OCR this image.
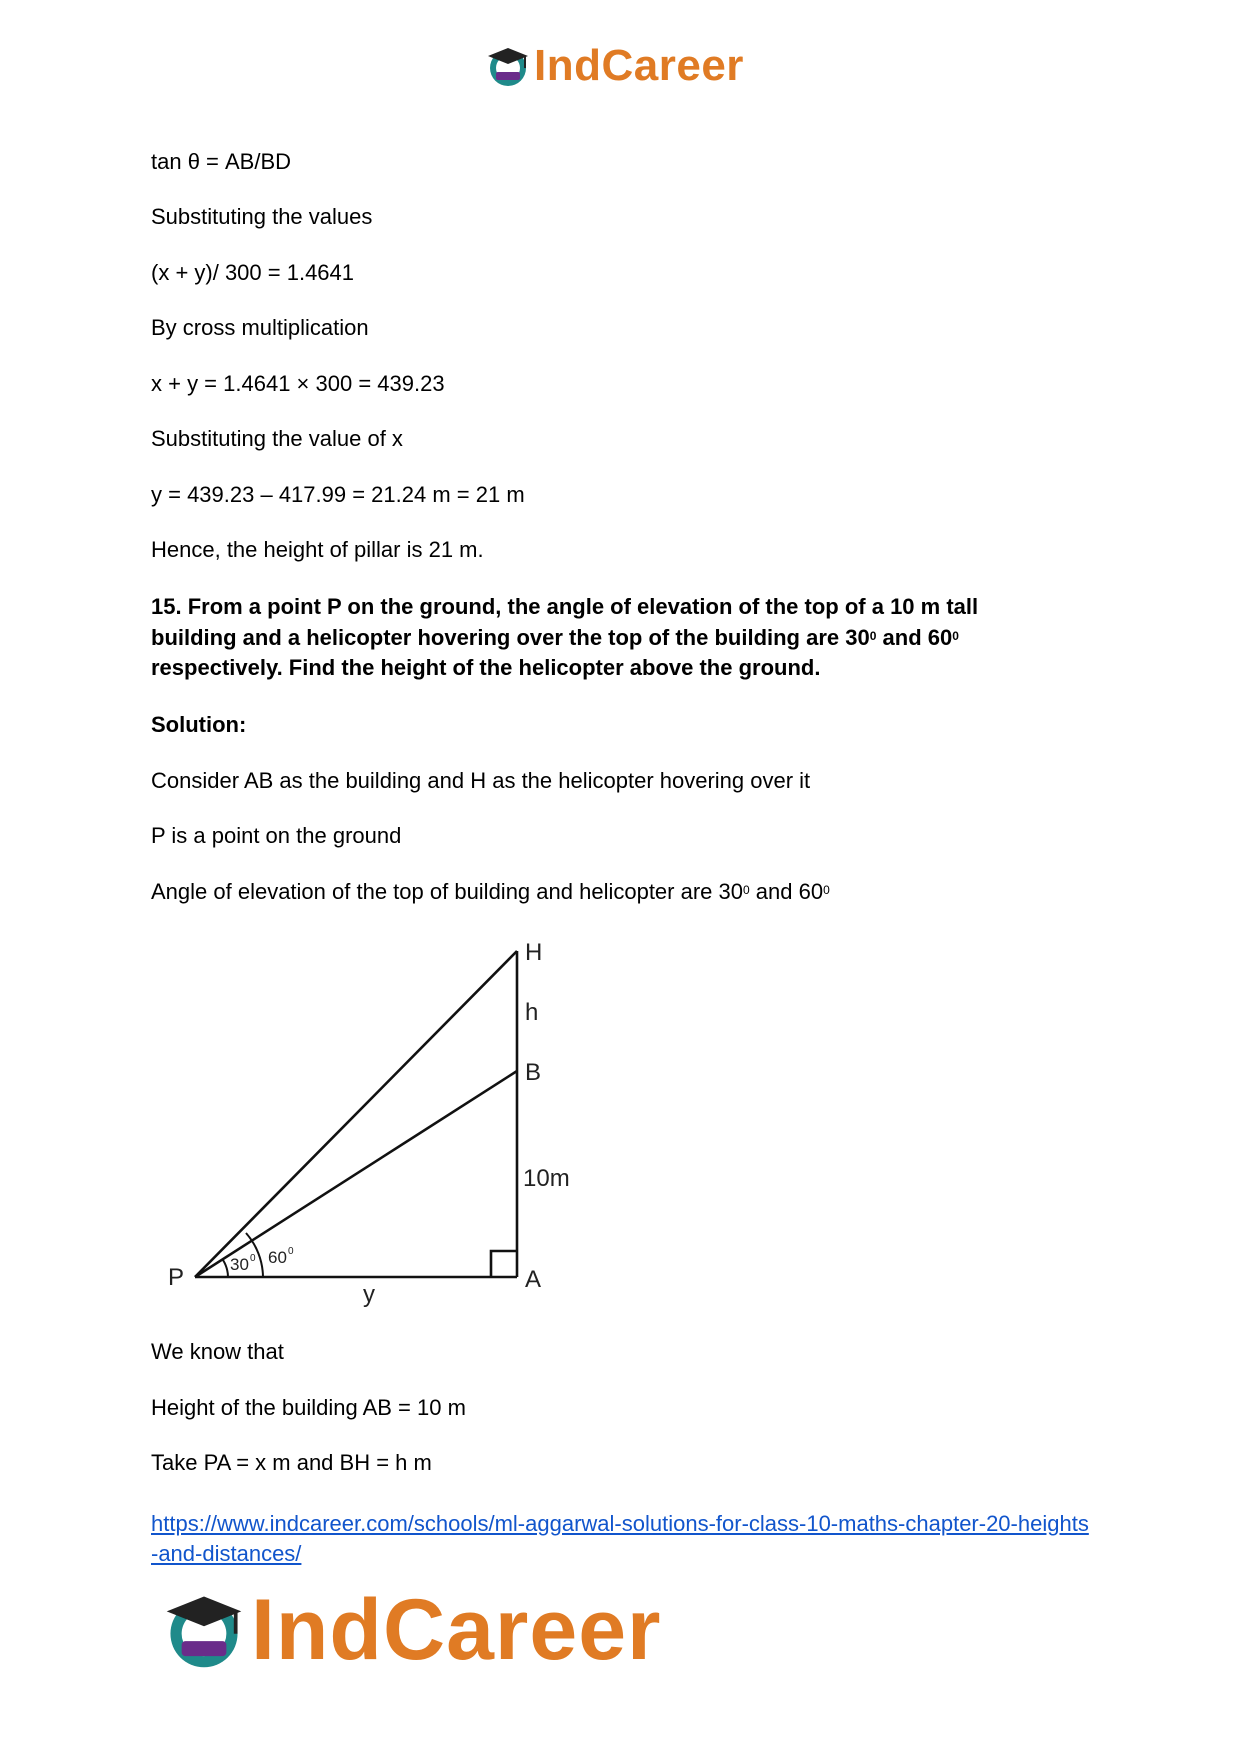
IndCareer
tan θ = AB/BD
Substituting the values
(x + y)/ 300 = 1.4641
By cross multiplication
x + y = 1.4641 × 300 = 439.23
Substituting the value of x
y = 439.23 – 417.99 = 21.24 m = 21 m
Hence, the height of pillar is 21 m.
15. From a point P on the ground, the angle of elevation of the top of a 10 m tall building and a helicopter hovering over the top of the building are $30^0$ and $60^0$ respectively. Find the height of the helicopter above the ground.
Solution:
Consider AB as the building and H as the helicopter hovering over it
P is a point on the ground
Angle of elevation of the top of building and helicopter are $30^0$ and $60^0$
H
h
B
10m
P	A
y
30 0 60 0
We know that
Height of the building AB = 10 m
Take PA = x m and BH = h m
https://www.indcareer.com/schools/ml-aggarwal-solutions-for-class-10-maths-chapter-20-heights-and-distances/
IndCareer
